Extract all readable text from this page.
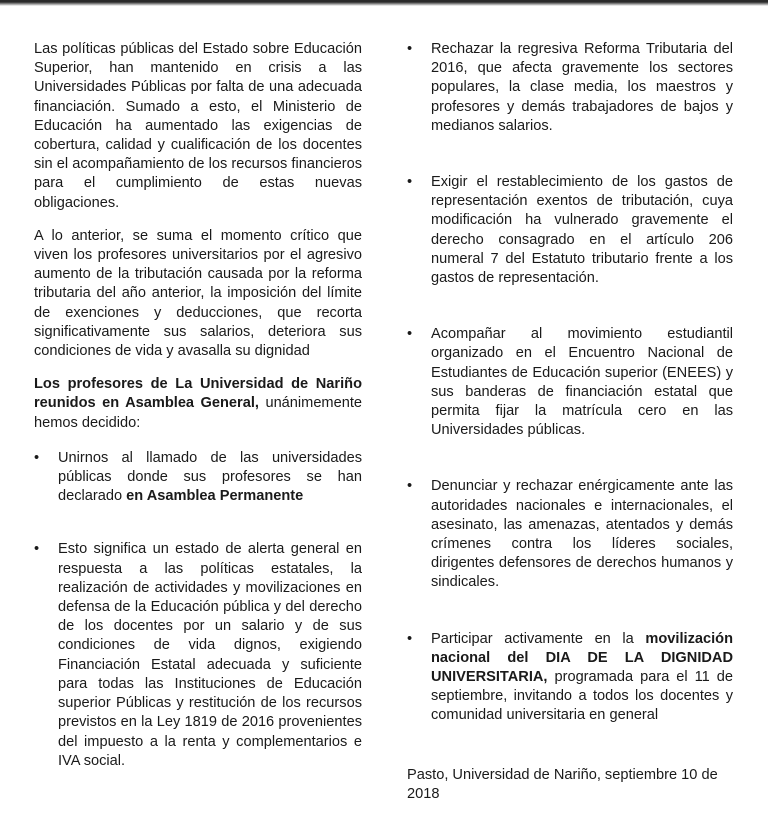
Las políticas públicas del Estado sobre Educación Superior, han mantenido en crisis a las Universidades Públicas por falta de una adecuada financiación. Sumado a esto, el Ministerio de Educación ha aumentado las exigencias de cobertura, calidad y cualificación de los docentes sin el acompañamiento de los recursos financieros para el cumplimiento de estas nuevas obligaciones.

A lo anterior, se suma el momento crítico que viven los profesores universitarios por el agresivo aumento de la tributación causada por la reforma tributaria del año anterior, la imposición del límite de exenciones y deducciones, que recorta significativamente sus salarios, deteriora sus condiciones de vida y avasalla su dignidad

Los profesores de La Universidad de Nariño reunidos en Asamblea General, unánimemente hemos decidido:

•	Unirnos al llamado de las universidades públicas donde sus profesores se han declarado en Asamblea Permanente
•	Esto significa un estado de alerta general en respuesta a las políticas estatales, la realización de actividades y movilizaciones en defensa de la Educación pública y del derecho de los docentes por un salario y de sus condiciones de vida dignos, exigiendo Financiación Estatal adecuada y suficiente para todas las Instituciones de Educación superior Públicas y restitución de los recursos previstos en la Ley 1819 de 2016 provenientes del impuesto a la renta y complementarios e IVA social.
•	Rechazar la regresiva Reforma Tributaria del 2016, que afecta gravemente los sectores populares, la clase media, los maestros y profesores y demás trabajadores de bajos y medianos salarios.
•	Exigir el restablecimiento de los gastos de representación exentos de tributación, cuya modificación ha vulnerado gravemente el derecho consagrado en el artículo 206 numeral 7 del Estatuto tributario frente a los gastos de representación.
•	Acompañar al movimiento estudiantil organizado en el Encuentro Nacional de Estudiantes de Educación superior (ENEES) y sus banderas de financiación estatal que permita fijar la matrícula cero en las Universidades públicas.
•	Denunciar y rechazar enérgicamente ante las autoridades nacionales e internacionales, el asesinato, las amenazas, atentados y demás crímenes contra los líderes sociales, dirigentes defensores de derechos humanos y sindicales.
•	Participar activamente en la movilización nacional del DIA DE LA DIGNIDAD UNIVERSITARIA, programada para el 11 de septiembre, invitando a todos los docentes y comunidad universitaria en general

Pasto, Universidad de Nariño, septiembre 10 de 2018
